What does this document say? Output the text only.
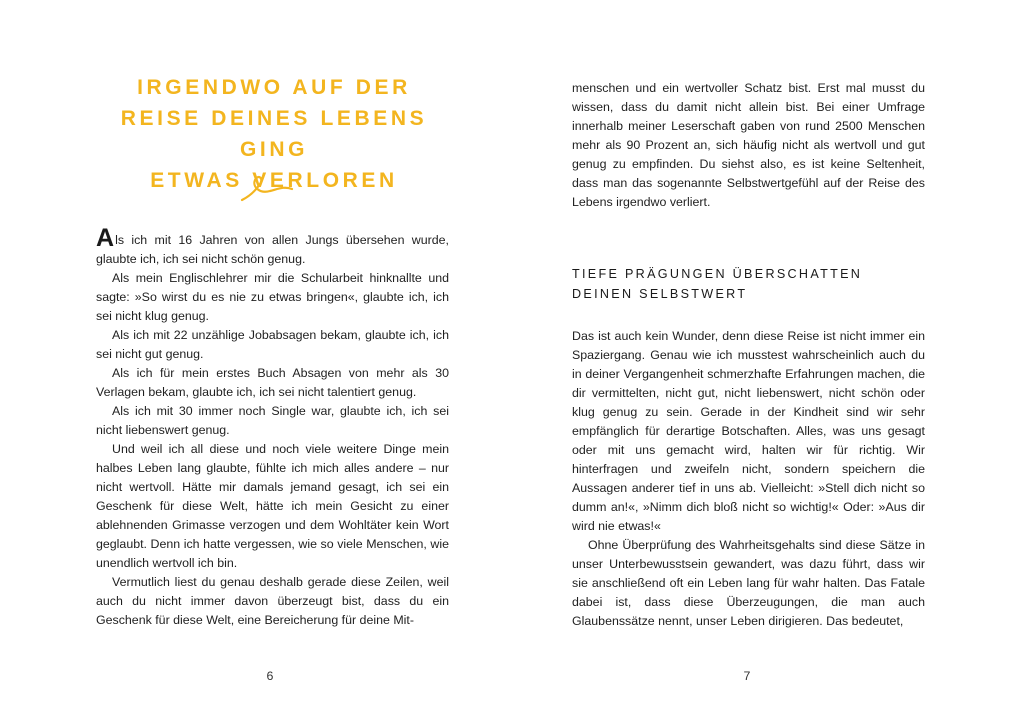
IRGENDWO AUF DER
REISE DEINES LEBENS GING
ETWAS VERLOREN

Als ich mit 16 Jahren von allen Jungs übersehen wurde, glaubte ich, ich sei nicht schön genug.

Als mein Englischlehrer mir die Schularbeit hinknallte und sagte: »So wirst du es nie zu etwas bringen«, glaubte ich, ich sei nicht klug genug.

Als ich mit 22 unzählige Jobabsagen bekam, glaubte ich, ich sei nicht gut genug.

Als ich für mein erstes Buch Absagen von mehr als 30 Verlagen bekam, glaubte ich, ich sei nicht talentiert genug.

Als ich mit 30 immer noch Single war, glaubte ich, ich sei nicht liebenswert genug.

Und weil ich all diese und noch viele weitere Dinge mein halbes Leben lang glaubte, fühlte ich mich alles andere – nur nicht wertvoll. Hätte mir damals jemand gesagt, ich sei ein Geschenk für diese Welt, hätte ich mein Gesicht zu einer ablehnenden Grimasse verzogen und dem Wohltäter kein Wort geglaubt. Denn ich hatte vergessen, wie so viele Menschen, wie unendlich wertvoll ich bin.

Vermutlich liest du genau deshalb gerade diese Zeilen, weil auch du nicht immer davon überzeugt bist, dass du ein Geschenk für diese Welt, eine Bereicherung für deine Mit-

6

menschen und ein wertvoller Schatz bist. Erst mal musst du wissen, dass du damit nicht allein bist. Bei einer Umfrage innerhalb meiner Leserschaft gaben von rund 2500 Menschen mehr als 90 Prozent an, sich häufig nicht als wertvoll und gut genug zu empfinden. Du siehst also, es ist keine Seltenheit, dass man das sogenannte Selbstwertgefühl auf der Reise des Lebens irgendwo verliert.

TIEFE PRÄGUNGEN ÜBERSCHATTEN
DEINEN SELBSTWERT

Das ist auch kein Wunder, denn diese Reise ist nicht immer ein Spaziergang. Genau wie ich musstest wahrscheinlich auch du in deiner Vergangenheit schmerzhafte Erfahrungen machen, die dir vermittelten, nicht gut, nicht liebenswert, nicht schön oder klug genug zu sein. Gerade in der Kindheit sind wir sehr empfänglich für derartige Botschaften. Alles, was uns gesagt oder mit uns gemacht wird, halten wir für richtig. Wir hinterfragen und zweifeln nicht, sondern speichern die Aussagen anderer tief in uns ab. Vielleicht: »Stell dich nicht so dumm an!«, »Nimm dich bloß nicht so wichtig!« Oder: »Aus dir wird nie etwas!«

Ohne Überprüfung des Wahrheitsgehalts sind diese Sätze in unser Unterbewusstsein gewandert, was dazu führt, dass wir sie anschließend oft ein Leben lang für wahr halten. Das Fatale dabei ist, dass diese Überzeugungen, die man auch Glaubenssätze nennt, unser Leben dirigieren. Das bedeutet,

7
